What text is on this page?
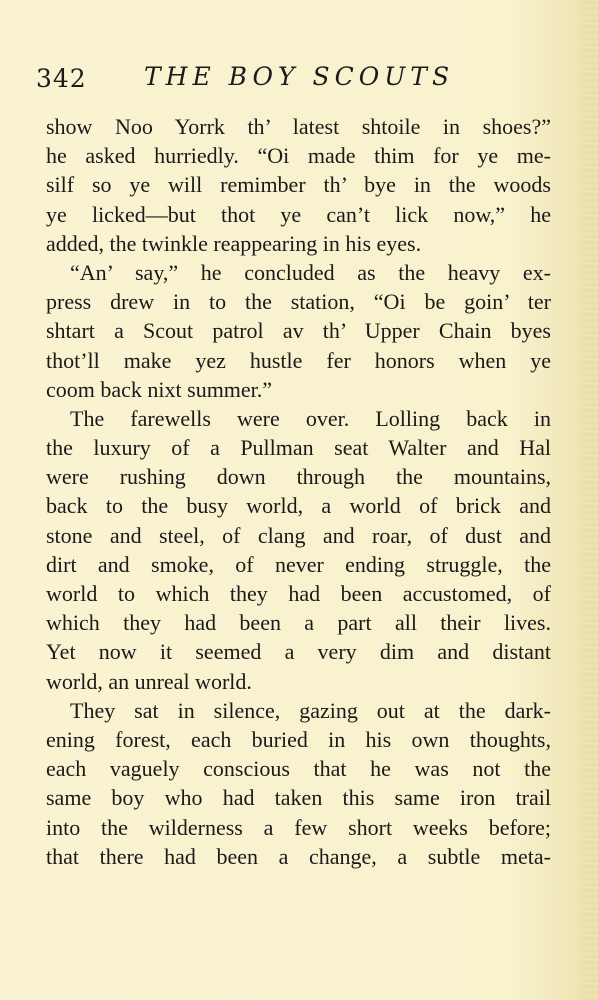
342 THE BOY SCOUTS
show Noo Yorrk th’ latest shtoile in shoes?”
he asked hurriedly. “Oi made thim for ye me-
silf so ye will remimber th’ bye in the woods
ye licked—but thot ye can’t lick now,” he
added, the twinkle reappearing in his eyes.
“An’ say,” he concluded as the heavy ex-
press drew in to the station, “Oi be goin’ ter
shtart a Scout patrol av th’ Upper Chain byes
thot’ll make yez hustle fer honors when ye
coom back nixt summer.”
The farewells were over. Lolling back in
the luxury of a Pullman seat Walter and Hal
were rushing down through the mountains,
back to the busy world, a world of brick and
stone and steel, of clang and roar, of dust and
dirt and smoke, of never ending struggle, the
world to which they had been accustomed, of
which they had been a part all their lives.
Yet now it seemed a very dim and distant
world, an unreal world.
They sat in silence, gazing out at the dark-
ening forest, each buried in his own thoughts,
each vaguely conscious that he was not the
same boy who had taken this same iron trail
into the wilderness a few short weeks before;
that there had been a change, a subtle meta-
